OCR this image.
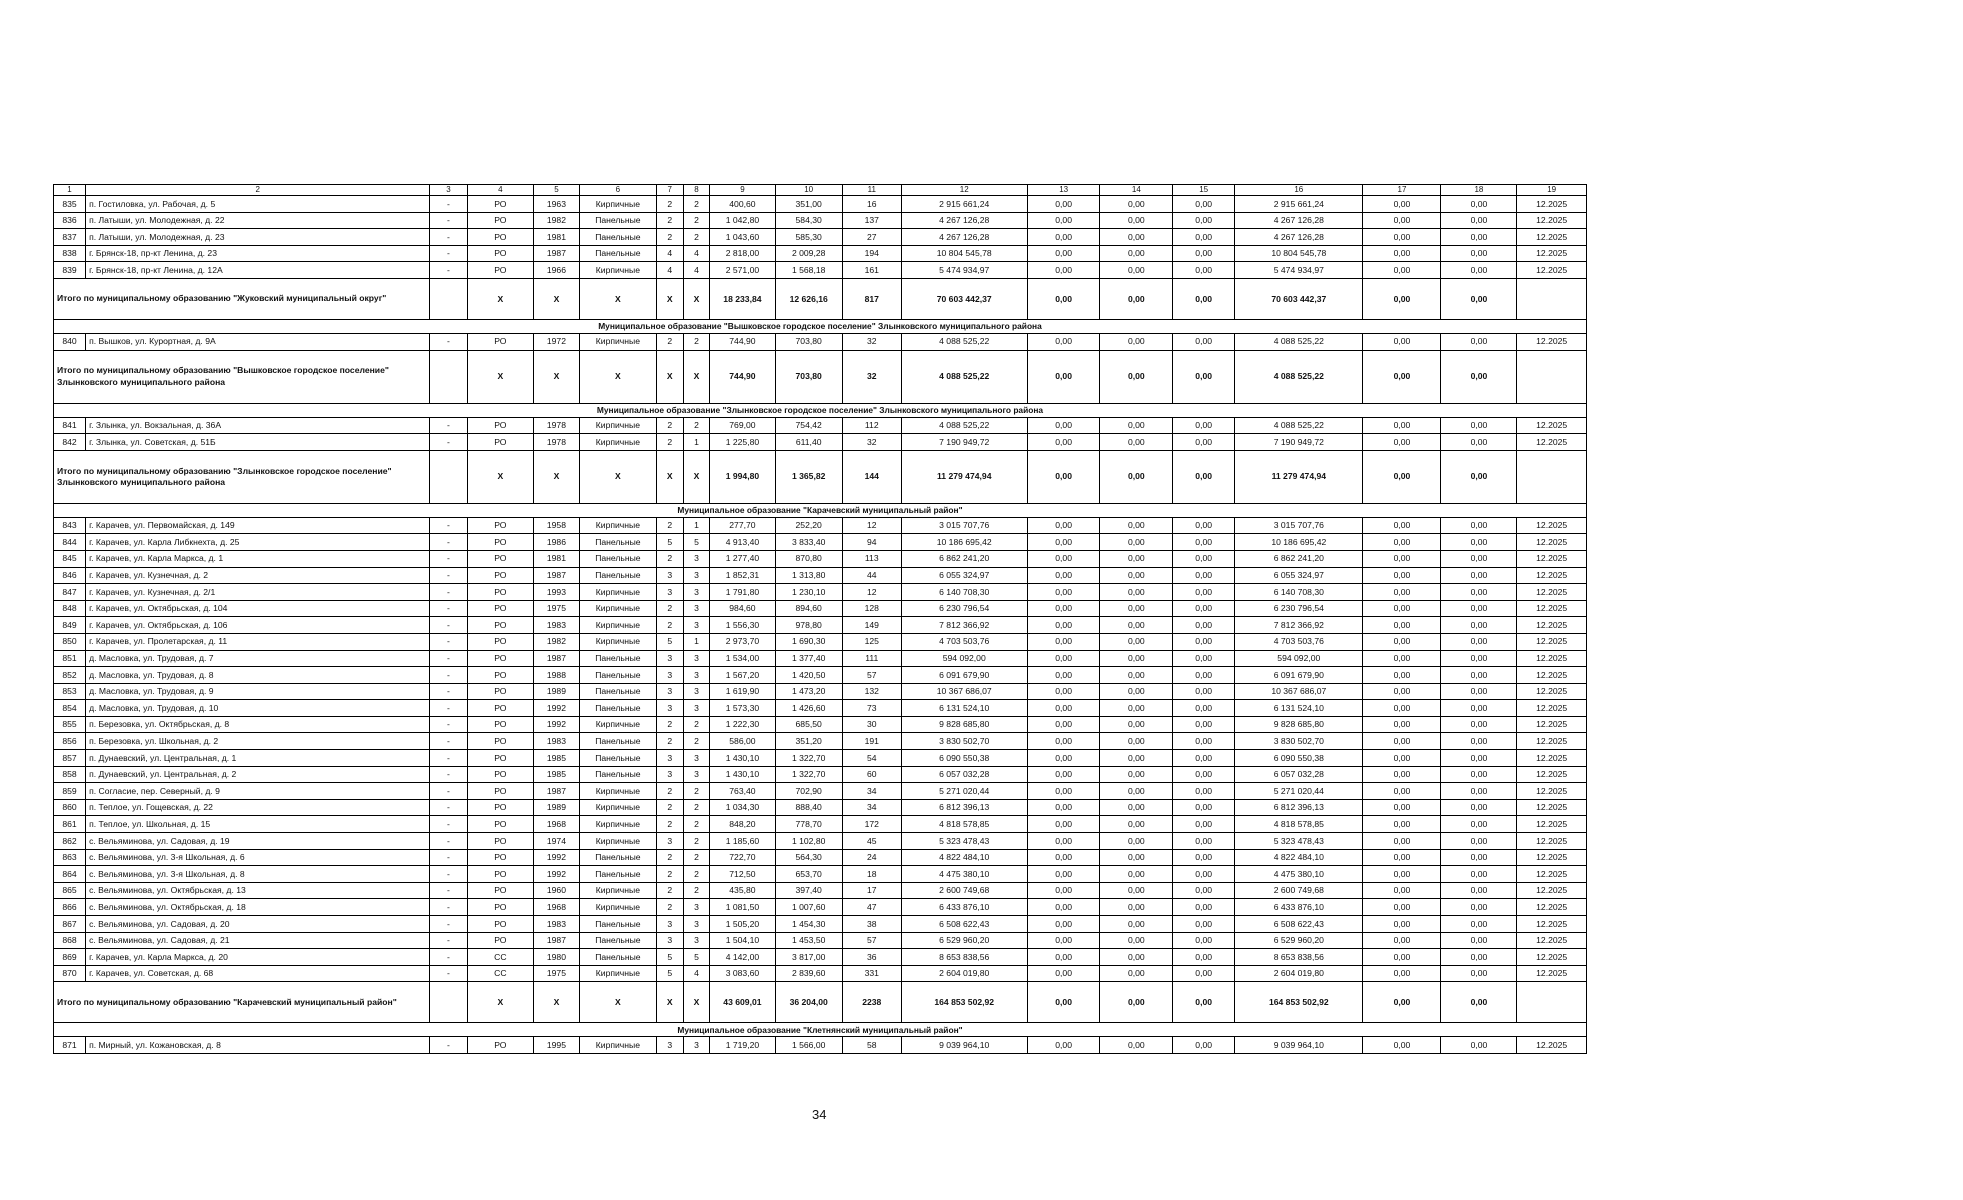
1	2	3	4	5	6	7	8	9	10	11	12	13	14	15	16	17	18	19
835	п. Гостиловка, ул. Рабочая, д. 5	-	РО	1963	Кирпичные	2	2	400,60	351,00	16	2 915 661,24	0,00	0,00	0,00	2 915 661,24	0,00	0,00	12.2025
836	п. Латыши, ул. Молодежная, д. 22	-	РО	1982	Панельные	2	2	1 042,80	584,30	137	4 267 126,28	0,00	0,00	0,00	4 267 126,28	0,00	0,00	12.2025
837	п. Латыши, ул. Молодежная, д. 23	-	РО	1981	Панельные	2	2	1 043,60	585,30	27	4 267 126,28	0,00	0,00	0,00	4 267 126,28	0,00	0,00	12.2025
838	г. Брянск-18, пр-кт Ленина, д. 23	-	РО	1987	Панельные	4	4	2 818,00	2 009,28	194	10 804 545,78	0,00	0,00	0,00	10 804 545,78	0,00	0,00	12.2025
839	г. Брянск-18, пр-кт Ленина, д. 12А	-	РО	1966	Кирпичные	4	4	2 571,00	1 568,18	161	5 474 934,97	0,00	0,00	0,00	5 474 934,97	0,00	0,00	12.2025
Итого по муниципальному образованию "Жуковский муниципальный округ"			Х	Х	Х	Х	Х	18 233,84	12 626,16	817	70 603 442,37	0,00	0,00	0,00	70 603 442,37	0,00	0,00	
Муниципальное образование "Вышковское городское поселение" Злынковского муниципального района																		
840	п. Вышков, ул. Курортная, д. 9А	-	РО	1972	Кирпичные	2	2	744,90	703,80	32	4 088 525,22	0,00	0,00	0,00	4 088 525,22	0,00	0,00	12.2025
Итого по муниципальному образованию "Вышковское городское поселение" Злынковского муниципального района			Х	Х	Х	Х	Х	744,90	703,80	32	4 088 525,22	0,00	0,00	0,00	4 088 525,22	0,00	0,00	
Муниципальное образование "Злынковское городское поселение" Злынковского муниципального района																		
841	г. Злынка, ул. Вокзальная, д. 36А	-	РО	1978	Кирпичные	2	2	769,00	754,42	112	4 088 525,22	0,00	0,00	0,00	4 088 525,22	0,00	0,00	12.2025
842	г. Злынка, ул. Советская, д. 51Б	-	РО	1978	Кирпичные	2	1	1 225,80	611,40	32	7 190 949,72	0,00	0,00	0,00	7 190 949,72	0,00	0,00	12.2025
Итого по муниципальному образованию "Злынковское городское поселение" Злынковского муниципального района			Х	Х	Х	Х	Х	1 994,80	1 365,82	144	11 279 474,94	0,00	0,00	0,00	11 279 474,94	0,00	0,00	
Муниципальное образование "Карачевский муниципальный район"																		
843	г. Карачев, ул. Первомайская, д. 149	-	РО	1958	Кирпичные	2	1	277,70	252,20	12	3 015 707,76	0,00	0,00	0,00	3 015 707,76	0,00	0,00	12.2025
844	г. Карачев, ул. Карла Либкнехта, д. 25	-	РО	1986	Панельные	5	5	4 913,40	3 833,40	94	10 186 695,42	0,00	0,00	0,00	10 186 695,42	0,00	0,00	12.2025
845	г. Карачев, ул. Карла Маркса, д. 1	-	РО	1981	Панельные	2	3	1 277,40	870,80	113	6 862 241,20	0,00	0,00	0,00	6 862 241,20	0,00	0,00	12.2025
846	г. Карачев, ул. Кузнечная, д. 2	-	РО	1987	Панельные	3	3	1 852,31	1 313,80	44	6 055 324,97	0,00	0,00	0,00	6 055 324,97	0,00	0,00	12.2025
847	г. Карачев, ул. Кузнечная, д. 2/1	-	РО	1993	Кирпичные	3	3	1 791,80	1 230,10	12	6 140 708,30	0,00	0,00	0,00	6 140 708,30	0,00	0,00	12.2025
848	г. Карачев, ул. Октябрьская, д. 104	-	РО	1975	Кирпичные	2	3	984,60	894,60	128	6 230 796,54	0,00	0,00	0,00	6 230 796,54	0,00	0,00	12.2025
849	г. Карачев, ул. Октябрьская, д. 106	-	РО	1983	Кирпичные	2	3	1 556,30	978,80	149	7 812 366,92	0,00	0,00	0,00	7 812 366,92	0,00	0,00	12.2025
850	г. Карачев, ул. Пролетарская, д. 11	-	РО	1982	Кирпичные	5	1	2 973,70	1 690,30	125	4 703 503,76	0,00	0,00	0,00	4 703 503,76	0,00	0,00	12.2025
851	д. Масловка, ул. Трудовая, д. 7	-	РО	1987	Панельные	3	3	1 534,00	1 377,40	111	594 092,00	0,00	0,00	0,00	594 092,00	0,00	0,00	12.2025
852	д. Масловка, ул. Трудовая, д. 8	-	РО	1988	Панельные	3	3	1 567,20	1 420,50	57	6 091 679,90	0,00	0,00	0,00	6 091 679,90	0,00	0,00	12.2025
853	д. Масловка, ул. Трудовая, д. 9	-	РО	1989	Панельные	3	3	1 619,90	1 473,20	132	10 367 686,07	0,00	0,00	0,00	10 367 686,07	0,00	0,00	12.2025
854	д. Масловка, ул. Трудовая, д. 10	-	РО	1992	Панельные	3	3	1 573,30	1 426,60	73	6 131 524,10	0,00	0,00	0,00	6 131 524,10	0,00	0,00	12.2025
855	п. Березовка, ул. Октябрьская, д. 8	-	РО	1992	Кирпичные	2	2	1 222,30	685,50	30	9 828 685,80	0,00	0,00	0,00	9 828 685,80	0,00	0,00	12.2025
856	п. Березовка, ул. Школьная, д. 2	-	РО	1983	Панельные	2	2	586,00	351,20	191	3 830 502,70	0,00	0,00	0,00	3 830 502,70	0,00	0,00	12.2025
857	п. Дунаевский, ул. Центральная, д. 1	-	РО	1985	Панельные	3	3	1 430,10	1 322,70	54	6 090 550,38	0,00	0,00	0,00	6 090 550,38	0,00	0,00	12.2025
858	п. Дунаевский, ул. Центральная, д. 2	-	РО	1985	Панельные	3	3	1 430,10	1 322,70	60	6 057 032,28	0,00	0,00	0,00	6 057 032,28	0,00	0,00	12.2025
859	п. Согласие, пер. Северный, д. 9	-	РО	1987	Кирпичные	2	2	763,40	702,90	34	5 271 020,44	0,00	0,00	0,00	5 271 020,44	0,00	0,00	12.2025
860	п. Теплое, ул. Гощевская, д. 22	-	РО	1989	Кирпичные	2	2	1 034,30	888,40	34	6 812 396,13	0,00	0,00	0,00	6 812 396,13	0,00	0,00	12.2025
861	п. Теплое, ул. Школьная, д. 15	-	РО	1968	Кирпичные	2	2	848,20	778,70	172	4 818 578,85	0,00	0,00	0,00	4 818 578,85	0,00	0,00	12.2025
862	с. Вельяминова, ул. Садовая, д. 19	-	РО	1974	Кирпичные	3	2	1 185,60	1 102,80	45	5 323 478,43	0,00	0,00	0,00	5 323 478,43	0,00	0,00	12.2025
863	с. Вельяминова, ул. 3-я Школьная, д. 6	-	РО	1992	Панельные	2	2	722,70	564,30	24	4 822 484,10	0,00	0,00	0,00	4 822 484,10	0,00	0,00	12.2025
864	с. Вельяминова, ул. 3-я Школьная, д. 8	-	РО	1992	Панельные	2	2	712,50	653,70	18	4 475 380,10	0,00	0,00	0,00	4 475 380,10	0,00	0,00	12.2025
865	с. Вельяминова, ул. Октябрьская, д. 13	-	РО	1960	Кирпичные	2	2	435,80	397,40	17	2 600 749,68	0,00	0,00	0,00	2 600 749,68	0,00	0,00	12.2025
866	с. Вельяминова, ул. Октябрьская, д. 18	-	РО	1968	Кирпичные	2	3	1 081,50	1 007,60	47	6 433 876,10	0,00	0,00	0,00	6 433 876,10	0,00	0,00	12.2025
867	с. Вельяминова, ул. Садовая, д. 20	-	РО	1983	Панельные	3	3	1 505,20	1 454,30	38	6 508 622,43	0,00	0,00	0,00	6 508 622,43	0,00	0,00	12.2025
868	с. Вельяминова, ул. Садовая, д. 21	-	РО	1987	Панельные	3	3	1 504,10	1 453,50	57	6 529 960,20	0,00	0,00	0,00	6 529 960,20	0,00	0,00	12.2025
869	г. Карачев, ул. Карла Маркса, д. 20	-	СС	1980	Панельные	5	5	4 142,00	3 817,00	36	8 653 838,56	0,00	0,00	0,00	8 653 838,56	0,00	0,00	12.2025
870	г. Карачев, ул. Советская, д. 68	-	СС	1975	Кирпичные	5	4	3 083,60	2 839,60	331	2 604 019,80	0,00	0,00	0,00	2 604 019,80	0,00	0,00	12.2025
Итого по муниципальному образованию "Карачевский муниципальный район"			Х	Х	Х	Х	Х	43 609,01	36 204,00	2238	164 853 502,92	0,00	0,00	0,00	164 853 502,92	0,00	0,00	
Муниципальное образование "Клетнянский муниципальный район"																		
871	п. Мирный, ул. Кожановская, д. 8	-	РО	1995	Кирпичные	3	3	1 719,20	1 566,00	58	9 039 964,10	0,00	0,00	0,00	9 039 964,10	0,00	0,00	12.2025
34
